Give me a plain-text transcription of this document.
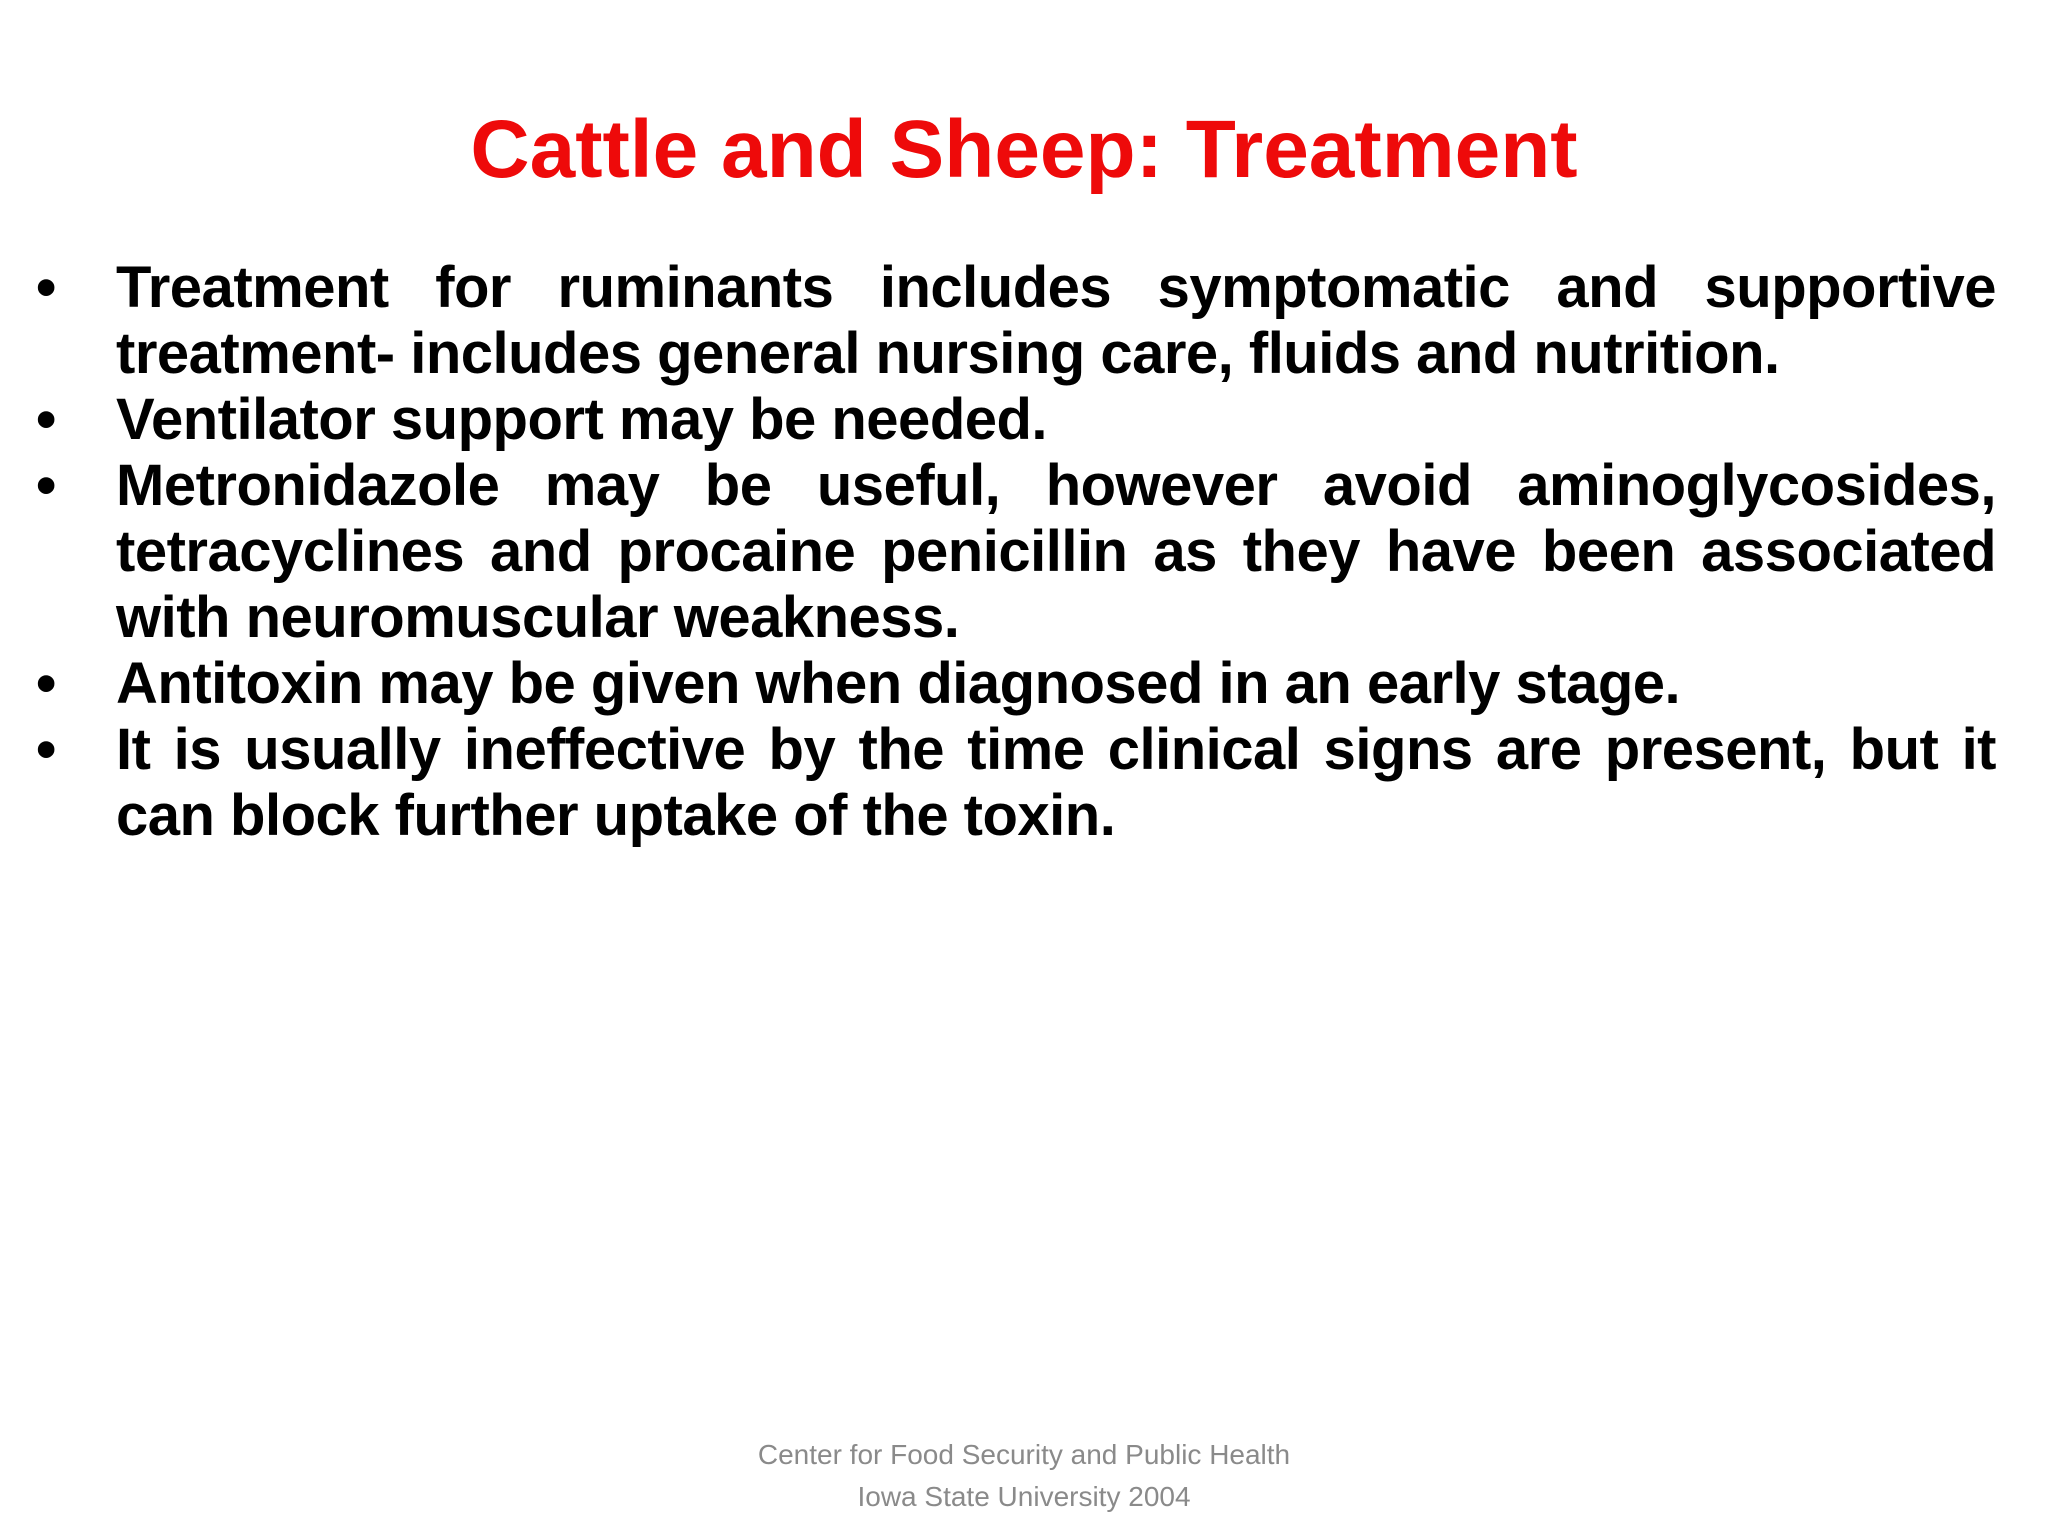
Cattle and Sheep: Treatment
• Treatment for ruminants includes symptomatic and supportive treatment- includes general nursing care, fluids and nutrition.
• Ventilator support may be needed.
• Metronidazole may be useful, however avoid aminoglycosides, tetracyclines and procaine penicillin as they have been associated with neuromuscular weakness.
• Antitoxin may be given when diagnosed in an early stage.
• It is usually ineffective by the time clinical signs are present, but it can block further uptake of the toxin.
Center for Food Security and Public Health
Iowa State University 2004
